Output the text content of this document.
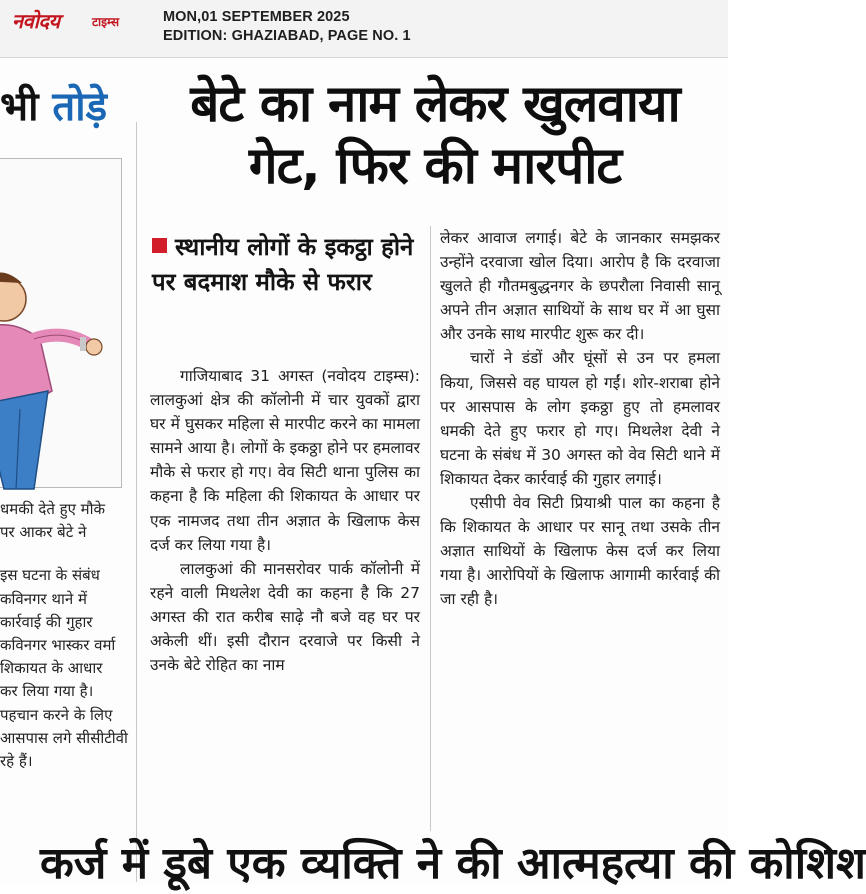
नवोदय	टाइम्स	MON,01 SEPTEMBER 2025
EDITION: GHAZIABAD, PAGE NO. 1
भी तोड़े

धमकी देते हुए मौके

पर आकर बेटे ने

इस घटना के संबंध

कविनगर थाने में

कार्रवाई की गुहार

कविनगर भास्कर वर्मा

शिकायत के आधार

कर लिया गया है।

पहचान करने के लिए

आसपास लगे सीसीटीवी

रहे हैं।

बेटे का नाम लेकर खुलवाया
गेट, फिर की मारपीट
स्थानीय लोगों के इकट्ठा होने पर बदमाश मौके से फरार

गाजियाबाद 31 अगस्त (नवोदय टाइम्स): लालकुआं क्षेत्र की कॉलोनी में चार युवकों द्वारा घर में घुसकर महिला से मारपीट करने का मामला सामने आया है। लोगों के इकठ्ठा होने पर हमलावर मौके से फरार हो गए। वेव सिटी थाना पुलिस का कहना है कि महिला की शिकायत के आधार पर एक नामजद तथा तीन अज्ञात के खिलाफ केस दर्ज कर लिया गया है।

लालकुआं की मानसरोवर पार्क कॉलोनी में रहने वाली मिथलेश देवी का कहना है कि 27 अगस्त की रात करीब साढ़े नौ बजे वह घर पर अकेली थीं। इसी दौरान दरवाजे पर किसी ने उनके बेटे रोहित का नाम

लेकर आवाज लगाई। बेटे के जानकार समझकर उन्होंने दरवाजा खोल दिया। आरोप है कि दरवाजा खुलते ही गौतमबुद्धनगर के छपरौला निवासी सानू अपने तीन अज्ञात साथियों के साथ घर में आ घुसा और उनके साथ मारपीट शुरू कर दी।

चारों ने डंडों और घूंसों से उन पर हमला किया, जिससे वह घायल हो गईं। शोर-शराबा होने पर आसपास के लोग इकठ्ठा हुए तो हमलावर धमकी देते हुए फरार हो गए। मिथलेश देवी ने घटना के संबंध में 30 अगस्त को वेव सिटी थाने में शिकायत देकर कार्रवाई की गुहार लगाई।

एसीपी वेव सिटी प्रियाश्री पाल का कहना है कि शिकायत के आधार पर सानू तथा उसके तीन अज्ञात साथियों के खिलाफ केस दर्ज कर लिया गया है। आरोपियों के खिलाफ आगामी कार्रवाई की जा रही है।

कर्ज में डूबे एक व्यक्ति ने की आत्महत्या की कोशिश
